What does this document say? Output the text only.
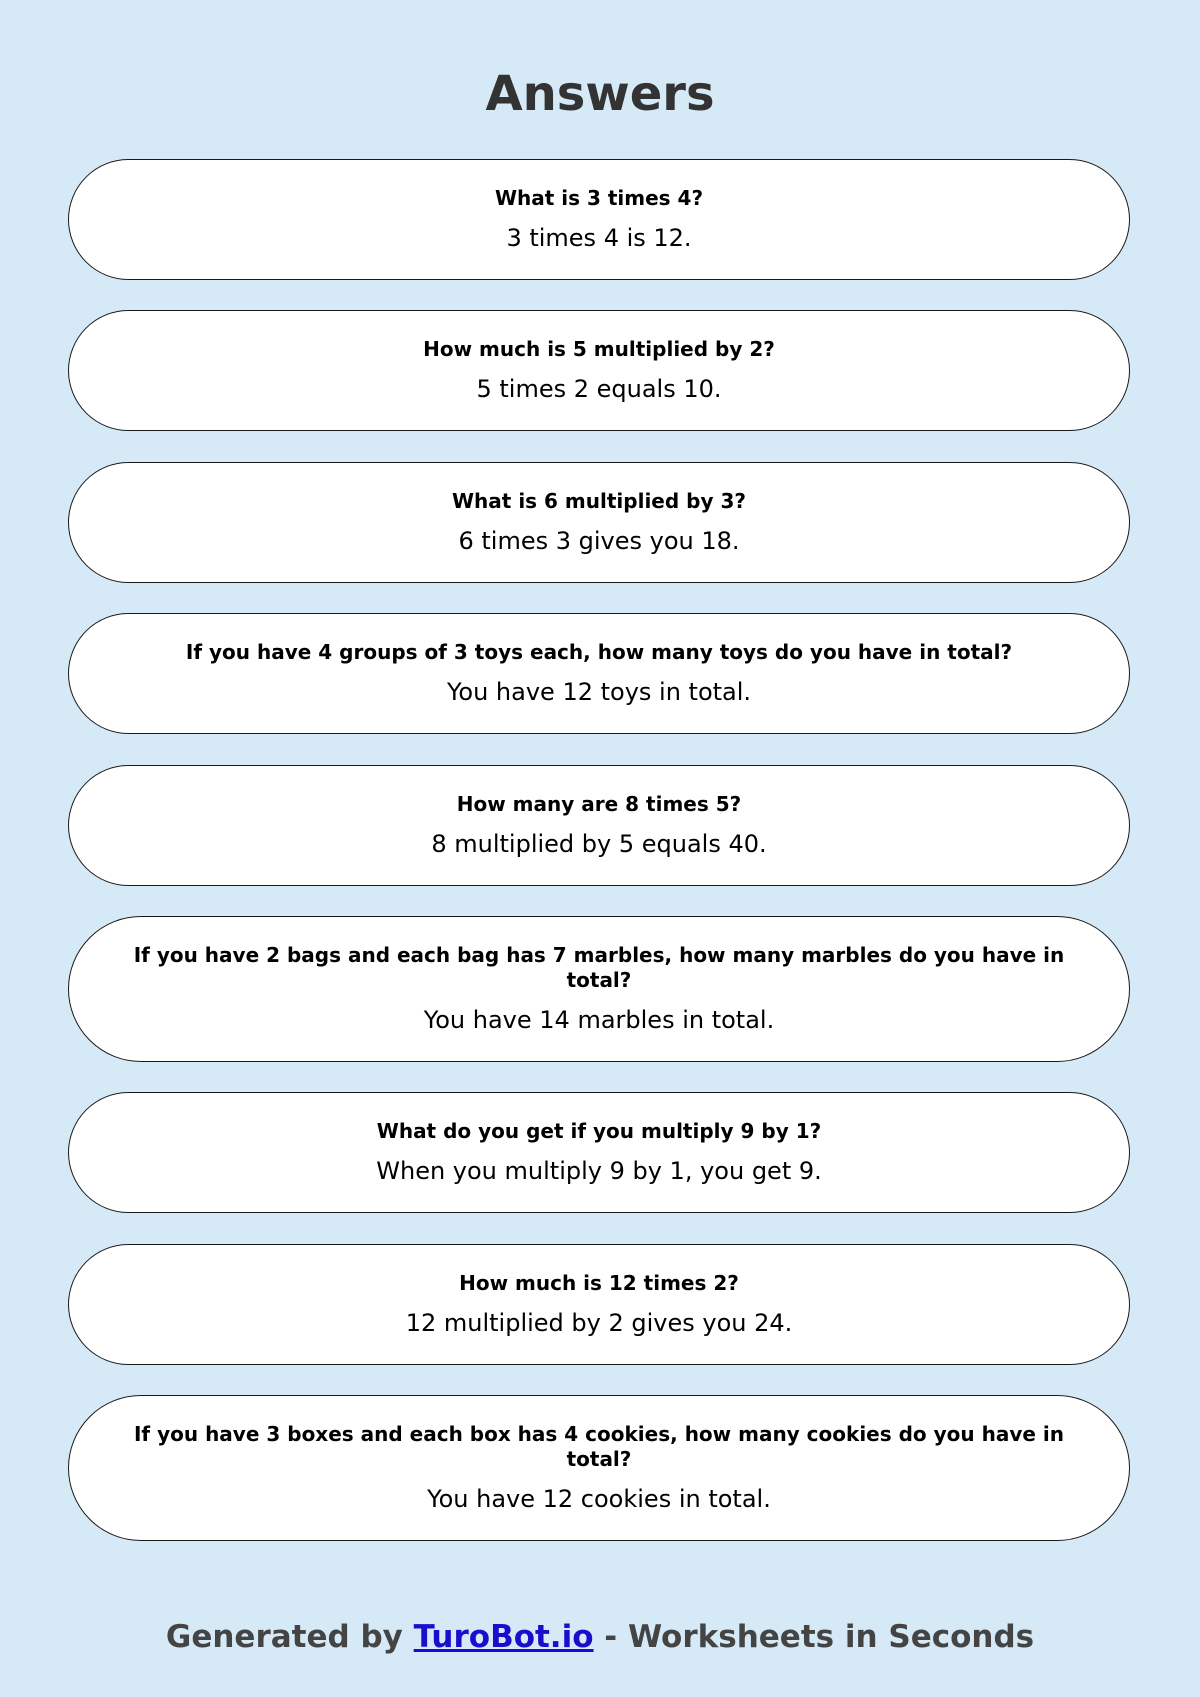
Answers
What is 3 times 4?
3 times 4 is 12.
How much is 5 multiplied by 2?
5 times 2 equals 10.
What is 6 multiplied by 3?
6 times 3 gives you 18.
If you have 4 groups of 3 toys each, how many toys do you have in total?
You have 12 toys in total.
How many are 8 times 5?
8 multiplied by 5 equals 40.
If you have 2 bags and each bag has 7 marbles, how many marbles do you have in total?
You have 14 marbles in total.
What do you get if you multiply 9 by 1?
When you multiply 9 by 1, you get 9.
How much is 12 times 2?
12 multiplied by 2 gives you 24.
If you have 3 boxes and each box has 4 cookies, how many cookies do you have in total?
You have 12 cookies in total.
Generated by TuroBot.io - Worksheets in Seconds
